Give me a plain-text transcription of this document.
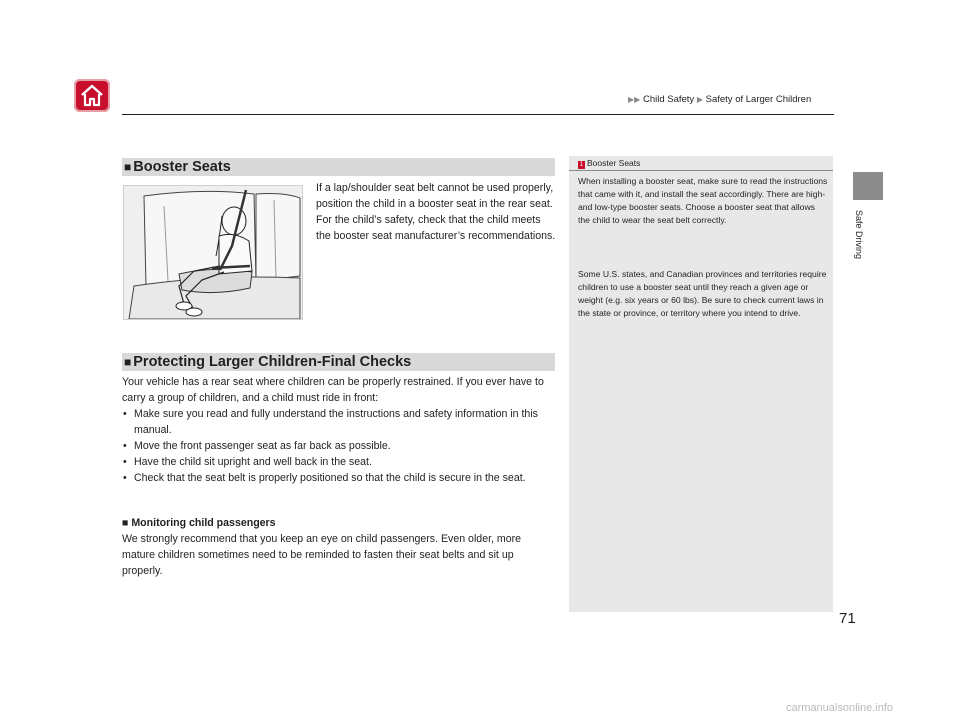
▶▶ Child Safety ▶ Safety of Larger Children
Safe Driving
■ Booster Seats
If a lap/shoulder seat belt cannot be used properly, position the child in a booster seat in the rear seat. For the child’s safety, check that the child meets the booster seat manufacturer’s recommendations.
■ Protecting Larger Children-Final Checks
Your vehicle has a rear seat where children can be properly restrained. If you ever have to carry a group of children, and a child must ride in front:
• Make sure you read and fully understand the instructions and safety information in this manual.
• Move the front passenger seat as far back as possible.
• Have the child sit upright and well back in the seat.
• Check that the seat belt is properly positioned so that the child is secure in the seat.
■ Monitoring child passengers
We strongly recommend that you keep an eye on child passengers. Even older, more mature children sometimes need to be reminded to fasten their seat belts and sit up properly.
1 Booster Seats
When installing a booster seat, make sure to read the instructions that came with it, and install the seat accordingly. There are high- and low-type booster seats. Choose a booster seat that allows the child to wear the seat belt correctly.
Some U.S. states, and Canadian provinces and territories require children to use a booster seat until they reach a given age or weight (e.g. six years or 60 lbs). Be sure to check current laws in the state or province, or territory where you intend to drive.
71
carmanualsonline.info
